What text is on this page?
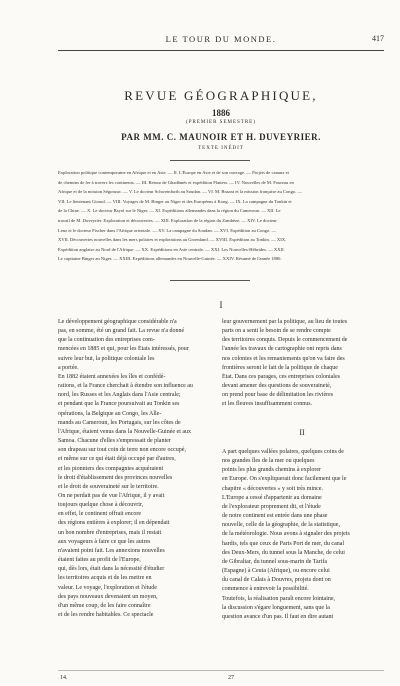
LE TOUR DU MONDE.	417
REVUE GÉOGRAPHIQUE,
1886
(PREMIER SEMESTRE)
PAR MM. C. MAUNOIR ET H. DUVEYRIER.
TEXTE INÉDIT
Exploration politique contemporaine en Afrique et en Asie. — II. L'Europe en Asie et de son ouvrage. — Projets de canaux et
de chemins de fer à travers les continents. — III. Retour de Ghadâmès et expédition Flatters. — IV. Nouvelles de M. Foureau en
Afrique et de la mission Ségonzac. — V. Le docteur Schweinfurth au Soudan. — VI. M. Brazza et la mission française au Congo. —
VII. Le lieutenant Giraud. — VIII. Voyages de M. Binger au Niger et des Européens à Kong. — IX. La campagne du Tonkin et
de la Chine. — X. Le docteur Bayol sur le Niger. — XI. Expéditions allemandes dans la région du Cameroun. — XII. Le
travail de M. Duveyrier. Exploration et découvertes. — XIII. Exploration de la région du Zambèze. — XIV. Le docteur
Lenz et le docteur Fischer dans l'Afrique orientale. — XV. La campagne du Soudan. — XVI. Expédition au Congo. —
XVII. Découvertes nouvelles dans les mers polaires et explorations au Groenland. — XVIII. Expédition au Tonkin. — XIX.
Expédition anglaise au Nord de l'Afrique. — XX. Expéditions en Asie centrale. — XXI. Les Nouvelles-Hébrides. — XXII.
Le capitaine Binger au Niger. — XXIII. Expéditions allemandes en Nouvelle-Guinée. — XXIV. Résumé de l'année 1886.
I
Le développement géographique considérable n'a
pas, en somme, été un grand fait. La revue n'a donné
que la continuation des entreprises com-
mencées en 1885 et qui, pour les États intéressés, pour
suivre leur but, la politique coloniale les
a portée.
En 1882 étaient annexées les îles et confédé-
rations, et la France cherchait à étendre son influence au
nord, les Russes et les Anglais dans l'Asie centrale;
et pendant que la France poursuivait au Tonkin ses
opérations, la Belgique au Congo, les Alle-
mands au Cameroun, les Portugais, sur les côtes de
l'Afrique, étaient venus dans la Nouvelle-Guinée et aux
Samoa. Chacune d'elles s'empressait de planter
son drapeau sur tout coin de terre non encore occupé,
et même sur ce qui était déjà occupé par d'autres,
et les pionniers des compagnies acquéraient
le droit d'établissement des provinces nouvelles
et le droit de souveraineté sur le territoire.
On ne perdait pas de vue l'Afrique, il y avait
toujours quelque chose à découvrir,
en effet, le continent offrait encore
des régions entières à explorer; il en dépendait
un bon nombre d'entreprises, mais il restait
aux voyageurs à faire ce que les autres
n'avaient point fait. Les annexions nouvelles
étaient faites au profit de l'Europe,
qui, dès lors, était dans la nécessité d'étudier
les territoires acquis et de les mettre en
valeur. Le voyage, l'exploration et l'étude
des pays nouveaux devenaient un moyen,
d'un même coup, de les faire connaître
et de les rendre habitables. Ce spectacle
leur gouvernement par la politique, au lieu de toutes
parts on a senti le besoin de se rendre compte
des territoires conquis. Depuis le commencement de
l'année les travaux de cartographie ont repris dans
nos colonies et les remaniements qu'on va faire des
frontières seront le fait de la politique de chaque
État. Dans ces parages, ces entreprises coloniales
devant amener des questions de souveraineté,
on prend pour base de délimitation les rivières
et les fleuves insuffisamment connus.
II
A part quelques vallées polaires, quelques coins de
nos grandes îles de la mer ou quelques
points les plus grands chemins à explorer
en Europe. On s'expliquerait donc facilement que le
chapitre « découvertes » y soit très mince.
L'Europe a cessé d'appartenir au domaine
de l'explorateur proprement dit, et l'étude
de notre continent est entrée dans une phase
nouvelle, celle de la géographie, de la statistique,
de la météorologie. Nous avons à signaler des projets
hardis, tels que ceux de Paris Port de mer, du canal
des Deux-Mers, du tunnel sous la Manche, de celui
de Gibraltar, du tunnel sous-marin de Tarifa
(Espagne) à Ceuta (Afrique), ou encore celui
du canal de Calais à Douvres, projets dont on
commence à entrevoir la possibilité.
Toutefois, la réalisation paraît encore lointaine,
la discussion s'égare longuement, sans que la
question avance d'un pas. Il faut en dire autant
14.	27
